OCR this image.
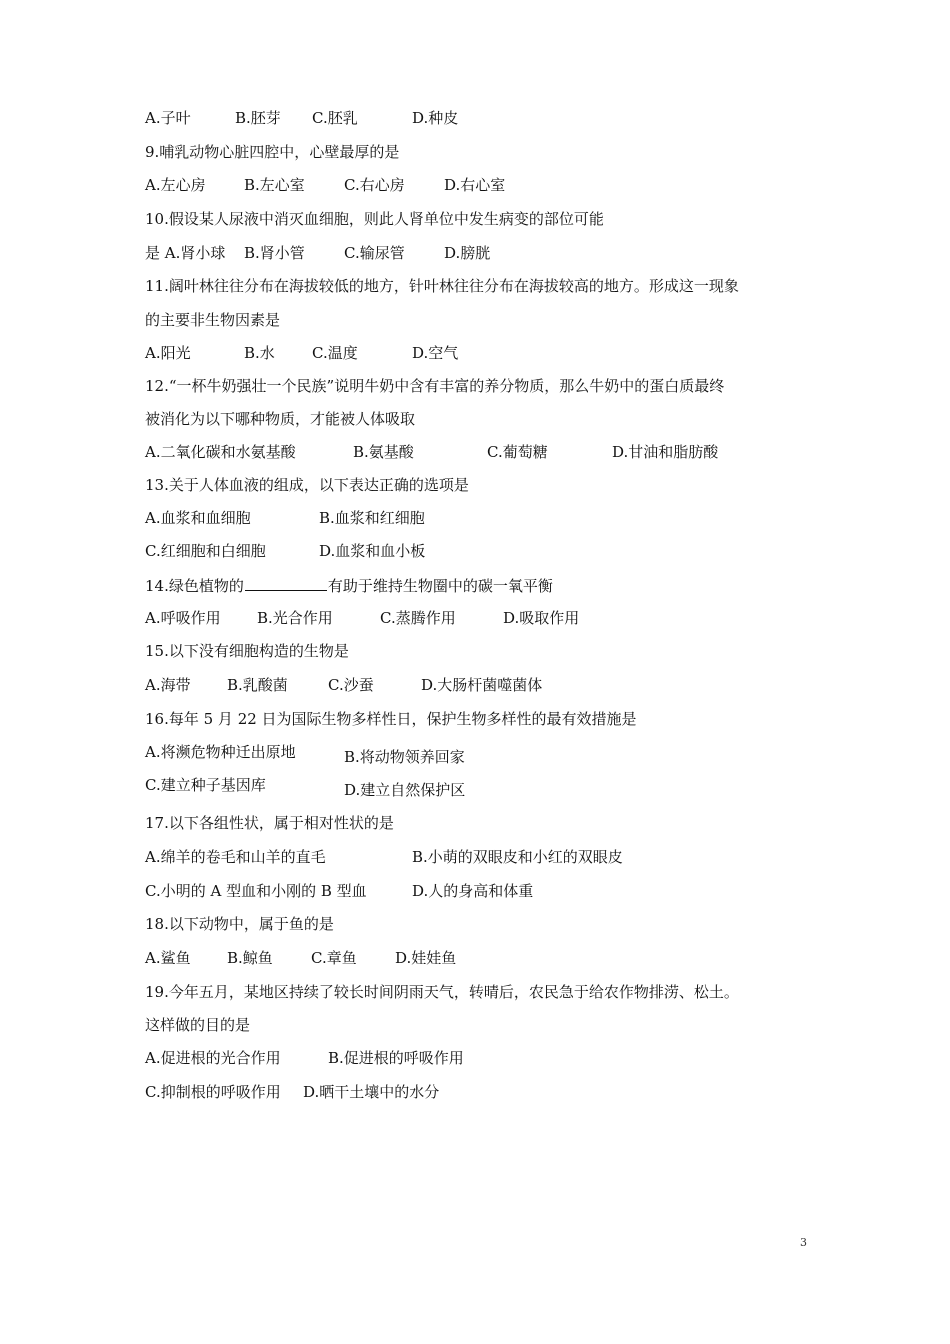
A.子叶	B.胚芽 C.胚乳	D.种皮
9.哺乳动物心脏四腔中，心壁最厚的是
A.左心房	B.左心室	C.右心房	D.右心室
10.假设某人尿液中消灭血细胞，则此人肾单位中发生病变的部位可能
是 A.肾小球 B.肾小管	C.输尿管	D.膀胱
11.阔叶林往往分布在海拔较低的地方，针叶林往往分布在海拔较高的地方。形成这一现象
的主要非生物因素是
A.阳光	B.水 C.温度	D.空气
12.“一杯牛奶强壮一个民族”说明牛奶中含有丰富的养分物质，那么牛奶中的蛋白质最终
被消化为以下哪种物质，才能被人体吸取
A.二氧化碳和水氨基酸	B.氨基酸	C.葡萄糖	D.甘油和脂肪酸
13.关于人体血液的组成，以下表达正确的选项是
A.血浆和血细胞	B.血浆和红细胞
C.红细胞和白细胞	D.血浆和血小板
14.绿色植物的	有助于维持生物圈中的碳一氧平衡
A.呼吸作用 B.光合作用	C.蒸腾作用	D.吸取作用
15.以下没有细胞构造的生物是
A.海带 B.乳酸菌	C.沙蚕	D.大肠杆菌噬菌体
16.每年 5 月 22 日为国际生物多样性日，保护生物多样性的最有效措施是
A.将濒危物种迁出原地	B.将动物领养回家
C.建立种子基因库	D.建立自然保护区
17.以下各组性状，属于相对性状的是
A.绵羊的卷毛和山羊的直毛	B.小萌的双眼皮和小红的双眼皮
C.小明的 A 型血和小刚的 B 型血	D.人的身高和体重
18.以下动物中，属于鱼的是
A.鲨鱼 B.鲸鱼	C.章鱼	D.娃娃鱼
19.今年五月，某地区持续了较长时间阴雨天气，转晴后，农民急于给农作物排涝、松土。
这样做的目的是
A.促进根的光合作用	B.促进根的呼吸作用
C.抑制根的呼吸作用 D.晒干土壤中的水分
3
